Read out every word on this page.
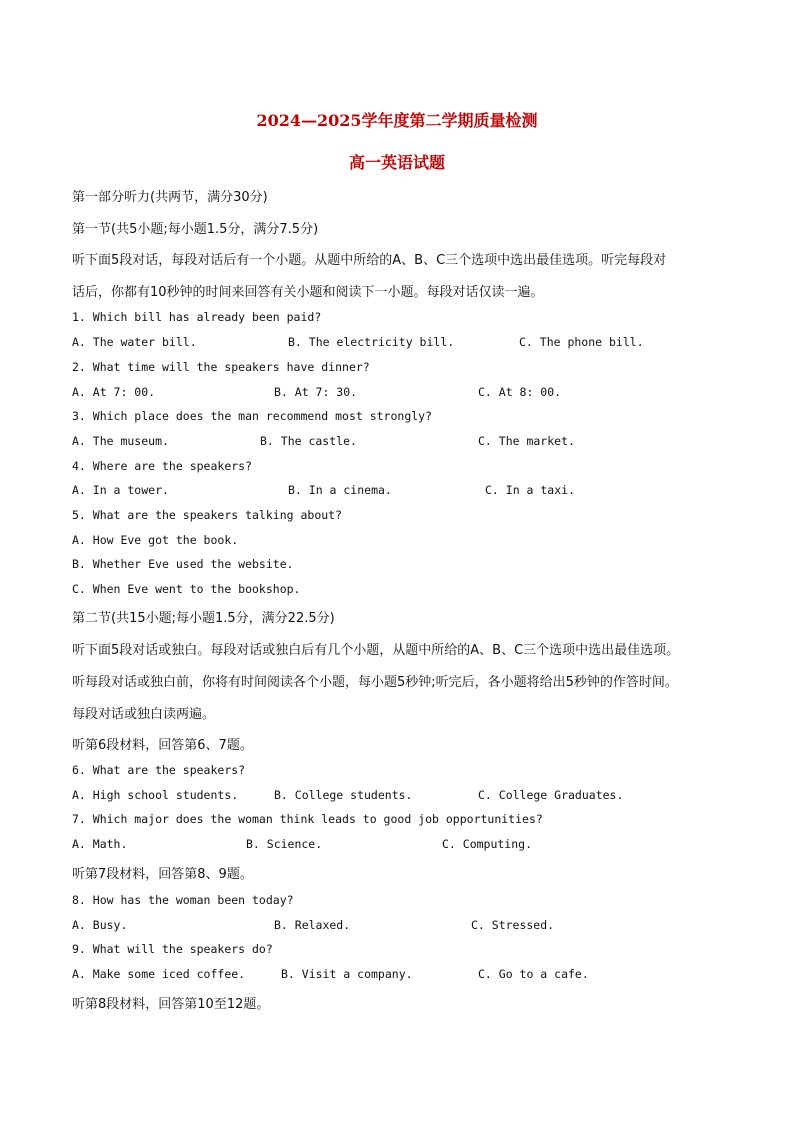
2024—2025学年度第二学期质量检测
高一英语试题
第一部分听力(共两节，满分30分)
第一节(共5小题;每小题1.5分，满分7.5分)
听下面5段对话，每段对话后有一个小题。从题中所给的A、B、C三个选项中选出最佳选项。听完每段对
话后，你都有10秒钟的时间来回答有关小题和阅读下一小题。每段对话仅读一遍。
1. Which bill has already been paid?
A. The water bill.	B. The electricity bill.	C. The phone bill.
2. What time will the speakers have dinner?
A. At 7: 00.	B. At 7: 30.	C. At 8: 00.
3. Which place does the man recommend most strongly?
A. The museum.	B. The castle.	C. The market.
4. Where are the speakers?
A. In a tower.	B. In a cinema.	C. In a taxi.
5. What are the speakers talking about?
A. How Eve got the book.
B. Whether Eve used the website.
C. When Eve went to the bookshop.
第二节(共15小题;每小题1.5分，满分22.5分)
听下面5段对话或独白。每段对话或独白后有几个小题，从题中所给的A、B、C三个选项中选出最佳选项。
听每段对话或独白前，你将有时间阅读各个小题，每小题5秒钟;听完后，各小题将给出5秒钟的作答时间。
每段对话或独白读两遍。
听第6段材料，回答第6、7题。
6. What are the speakers?
A. High school students.	B. College students.	C. College Graduates.
7. Which major does the woman think leads to good job opportunities?
A. Math.	B. Science.	C. Computing.
听第7段材料，回答第8、9题。
8. How has the woman been today?
A. Busy.	B. Relaxed.	C. Stressed.
9. What will the speakers do?
A. Make some iced coffee.	B. Visit a company.	C. Go to a cafe.
听第8段材料，回答第10至12题。
